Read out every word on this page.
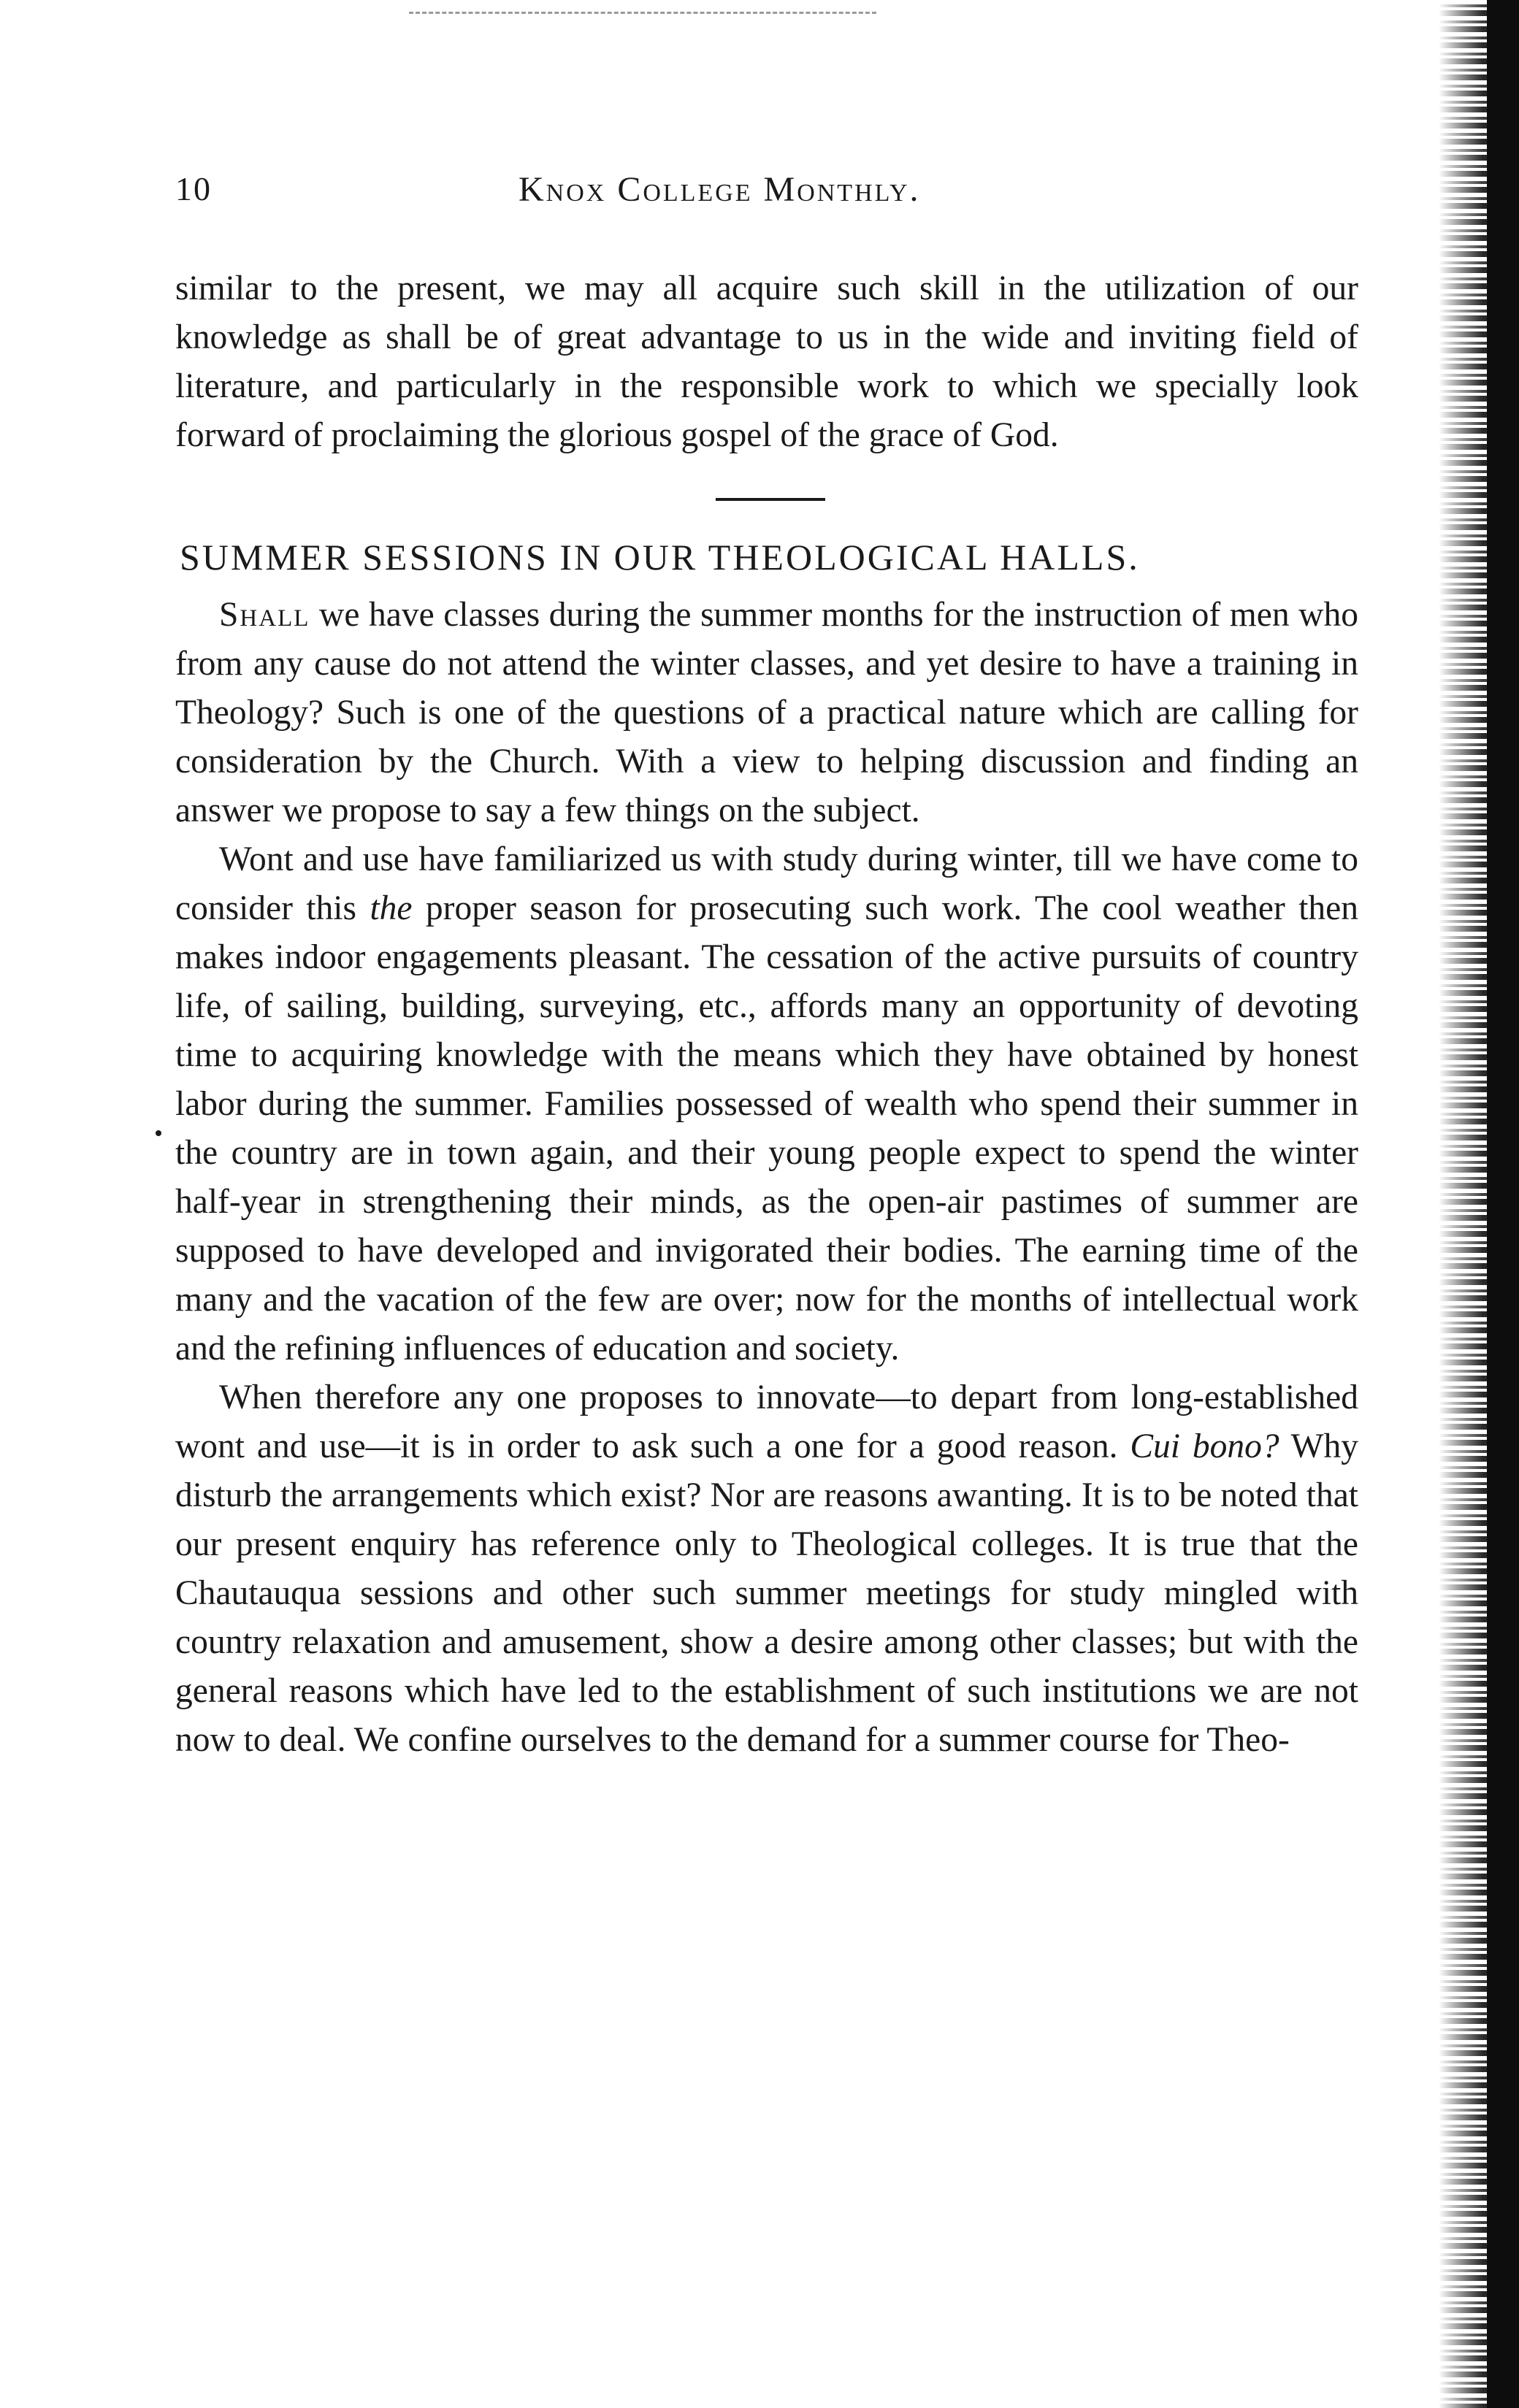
10	Knox College Monthly.

similar to the present, we may all acquire such skill in the utilization of our knowledge as shall be of great advantage to us in the wide and inviting field of literature, and particularly in the responsible work to which we specially look forward of proclaiming the glorious gospel of the grace of God.

SUMMER SESSIONS IN OUR THEOLOGICAL HALLS.

Shall we have classes during the summer months for the instruction of men who from any cause do not attend the winter classes, and yet desire to have a training in Theology? Such is one of the questions of a practical nature which are calling for consideration by the Church. With a view to helping discussion and finding an answer we propose to say a few things on the subject.

Wont and use have familiarized us with study during winter, till we have come to consider this the proper season for prosecuting such work. The cool weather then makes indoor engagements pleasant. The cessation of the active pursuits of country life, of sailing, building, surveying, etc., affords many an opportunity of devoting time to acquiring knowledge with the means which they have obtained by honest labor during the summer. Families possessed of wealth who spend their summer in the country are in town again, and their young people expect to spend the winter half-year in strengthening their minds, as the open-air pastimes of summer are supposed to have developed and invigorated their bodies. The earning time of the many and the vacation of the few are over; now for the months of intellectual work and the refining influences of education and society.

When therefore any one proposes to innovate—to depart from long-established wont and use—it is in order to ask such a one for a good reason. Cui bono? Why disturb the arrangements which exist? Nor are reasons awanting. It is to be noted that our present enquiry has reference only to Theological colleges. It is true that the Chautauqua sessions and other such summer meetings for study mingled with country relaxation and amusement, show a desire among other classes; but with the general reasons which have led to the establishment of such institutions we are not now to deal. We confine ourselves to the demand for a summer course for Theo-
